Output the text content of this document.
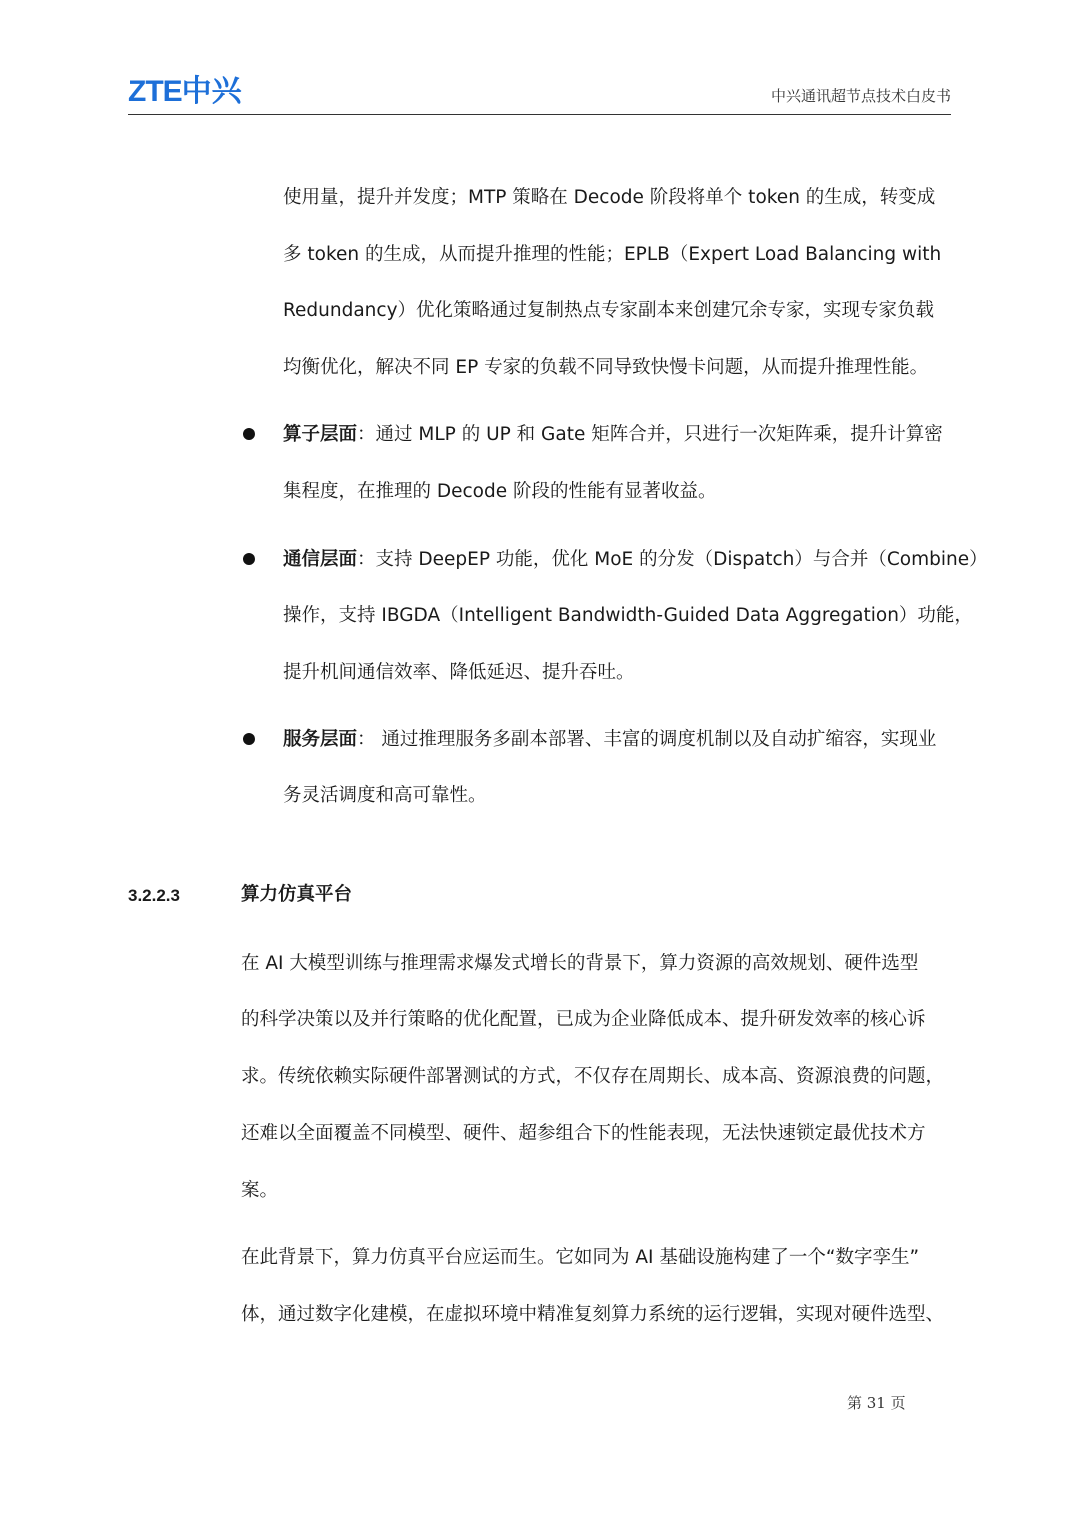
ZTE中兴	中兴通讯超节点技术白皮书
使用量，提升并发度；MTP 策略在 Decode 阶段将单个 token 的生成，转变成
多 token 的生成，从而提升推理的性能；EPLB（Expert Load Balancing with
Redundancy）优化策略通过复制热点专家副本来创建冗余专家，实现专家负载
均衡优化，解决不同 EP 专家的负载不同导致快慢卡问题，从而提升推理性能。
算子层面：通过 MLP 的 UP 和 Gate 矩阵合并，只进行一次矩阵乘，提升计算密
集程度，在推理的 Decode 阶段的性能有显著收益。
通信层面：支持 DeepEP 功能，优化 MoE 的分发（Dispatch）与合并（Combine）
操作，支持 IBGDA（Intelligent Bandwidth-Guided Data Aggregation）功能，
提升机间通信效率、降低延迟、提升吞吐。
服务层面： 通过推理服务多副本部署、丰富的调度机制以及自动扩缩容，实现业
务灵活调度和高可靠性。
3.2.2.3	算力仿真平台
在 AI 大模型训练与推理需求爆发式增长的背景下，算力资源的高效规划、硬件选型
的科学决策以及并行策略的优化配置，已成为企业降低成本、提升研发效率的核心诉
求。传统依赖实际硬件部署测试的方式，不仅存在周期长、成本高、资源浪费的问题，
还难以全面覆盖不同模型、硬件、超参组合下的性能表现，无法快速锁定最优技术方
案。
在此背景下，算力仿真平台应运而生。它如同为 AI 基础设施构建了一个“数字孪生”
体，通过数字化建模，在虚拟环境中精准复刻算力系统的运行逻辑，实现对硬件选型、
第 31 页
